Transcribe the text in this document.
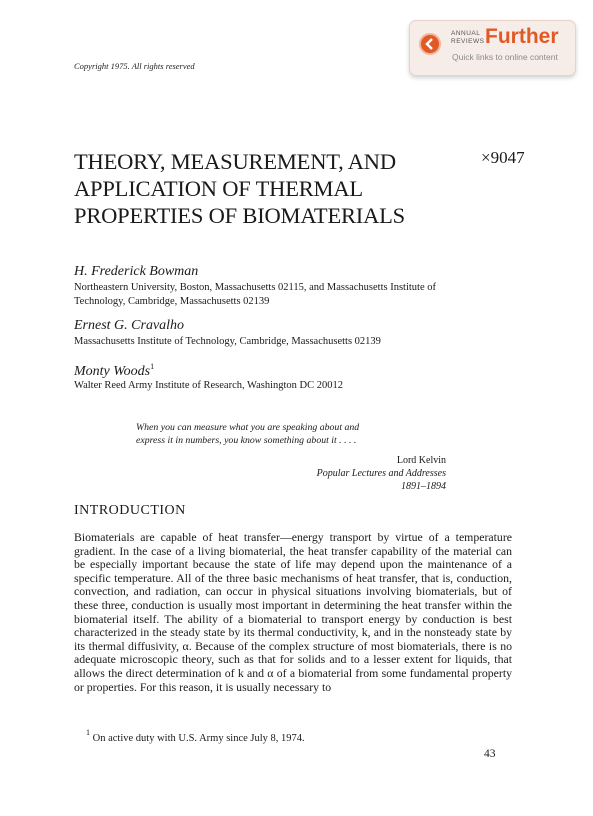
Copyright 1975. All rights reserved
ANNUAL
REVIEWS Further
Quick links to online content
THEORY, MEASUREMENT, AND APPLICATION OF THERMAL PROPERTIES OF BIOMATERIALS
×9047
H. Frederick Bowman
Northeastern University, Boston, Massachusetts 02115, and Massachusetts Institute of Technology, Cambridge, Massachusetts 02139
Ernest G. Cravalho
Massachusetts Institute of Technology, Cambridge, Massachusetts 02139
Monty Woods$^1$
Walter Reed Army Institute of Research, Washington DC 20012
When you can measure what you are speaking about and
express it in numbers, you know something about it . . . .
Lord Kelvin
Popular Lectures and Addresses
1891–1894
INTRODUCTION

Biomaterials are capable of heat transfer—energy transport by virtue of a temperature gradient. In the case of a living biomaterial, the heat transfer capability of the material can be especially important because the state of life may depend upon the maintenance of a specific temperature. All of the three basic mechanisms of heat transfer, that is, conduction, convection, and radiation, can occur in physical situations involving biomaterials, but of these three, conduction is usually most important in determining the heat transfer within the biomaterial itself. The ability of a biomaterial to transport energy by conduction is best characterized in the steady state by its thermal conductivity, k, and in the nonsteady state by its thermal diffusivity, α. Because of the complex structure of most biomaterials, there is no adequate microscopic theory, such as that for solids and to a lesser extent for liquids, that allows the direct determination of k and α of a biomaterial from some fundamental property or properties. For this reason, it is usually necessary to

$^1$ On active duty with U.S. Army since July 8, 1974.
43
